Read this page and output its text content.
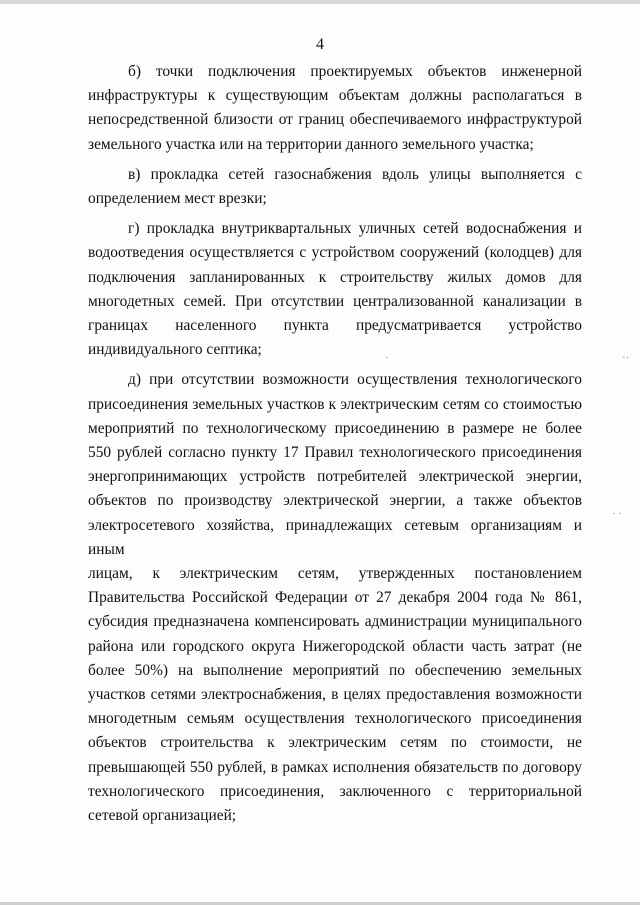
4

б) точки подключения проектируемых объектов инженерной
инфраструктуры к существующим объектам должны располагаться в
непосредственной близости от границ обеспечиваемого инфраструктурой
земельного участка или на территории данного земельного участка;

в) прокладка сетей газоснабжения вдоль улицы выполняется с
определением мест врезки;

г) прокладка внутриквартальных уличных сетей водоснабжения и
водоотведения осуществляется с устройством сооружений (колодцев) для
подключения запланированных к строительству жилых домов для
многодетных семей. При отсутствии централизованной канализации в
границах населенного пункта предусматривается устройство
индивидуального септика;

д) при отсутствии возможности осуществления технологического
присоединения земельных участков к электрическим сетям со стоимостью
мероприятий по технологическому присоединению в размере не более
550 рублей согласно пункту 17 Правил технологического присоединения
энергопринимающих устройств потребителей электрической энергии,
объектов по производству электрической энергии, а также объектов
электросетевого хозяйства, принадлежащих сетевым организациям и иным
лицам, к электрическим сетям, утвержденных постановлением
Правительства Российской Федерации от 27 декабря 2004 года № 861,
субсидия предназначена компенсировать администрации муниципального
района или городского округа Нижегородской области часть затрат (не
более 50%) на выполнение мероприятий по обеспечению земельных
участков сетями электроснабжения, в целях предоставления возможности
многодетным семьям осуществления технологического присоединения
объектов строительства к электрическим сетям по стоимости, не
превышающей 550 рублей, в рамках исполнения обязательств по договору
технологического присоединения, заключенного с территориальной
сетевой организацией;

·	··
· ·
